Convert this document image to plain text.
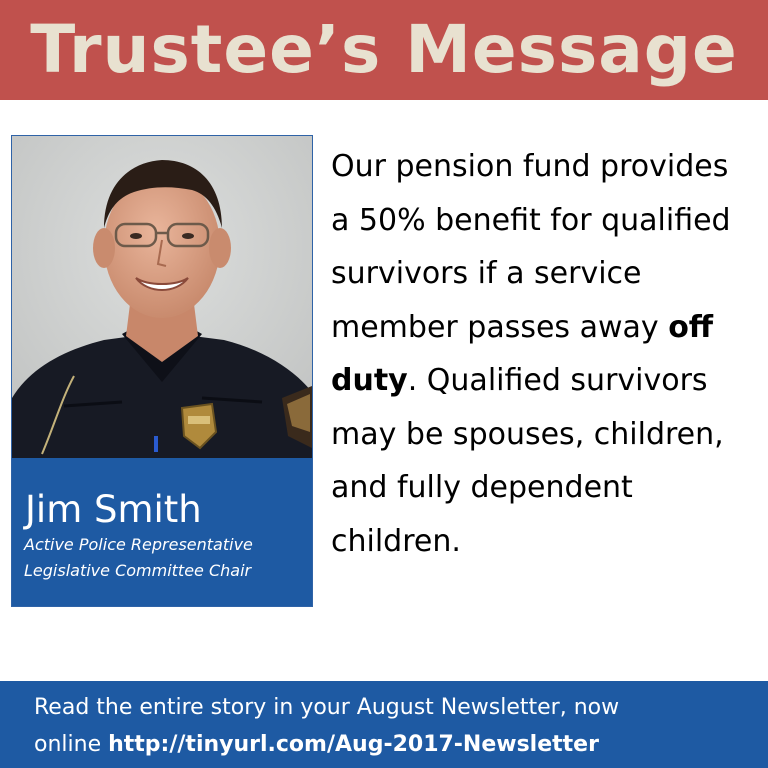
Trustee’s Message
Jim Smith
Active Police Representative
Legislative Committee Chair

Our pension fund provides a 50% benefit for qualified survivors if a service member passes away off duty. Qualified survivors may be spouses, children, and fully dependent children.

Read the entire story in your August Newsletter, now
online http://tinyurl.com/Aug-2017-Newsletter
